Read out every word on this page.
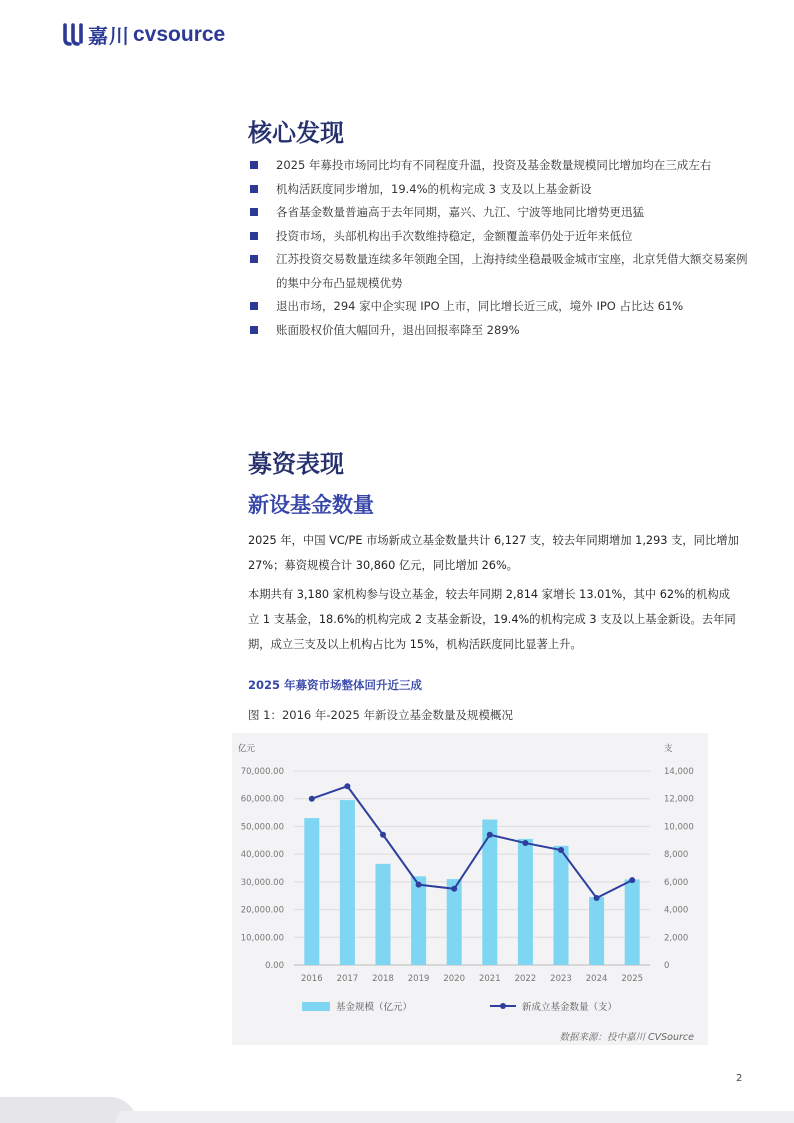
嘉川 cvsource
核心发现
2025 年募投市场同比均有不同程度升温，投资及基金数量规模同比增加均在三成左右
机构活跃度同步增加，19.4%的机构完成 3 支及以上基金新设
各省基金数量普遍高于去年同期，嘉兴、九江、宁波等地同比增势更迅猛
投资市场，头部机构出手次数维持稳定，金额覆盖率仍处于近年来低位
江苏投资交易数量连续多年领跑全国，上海持续坐稳最吸金城市宝座，北京凭借大额交易案例的集中分布凸显规模优势
退出市场，294 家中企实现 IPO 上市，同比增长近三成，境外 IPO 占比达 61%
账面股权价值大幅回升，退出回报率降至 289%
募资表现
新设基金数量

2025 年，中国 VC/PE 市场新成立基金数量共计 6,127 支，较去年同期增加 1,293 支，同比增加 27%；募资规模合计 30,860 亿元，同比增加 26%。

本期共有 3,180 家机构参与设立基金，较去年同期 2,814 家增长 13.01%，其中 62%的机构成立 1 支基金，18.6%的机构完成 2 支基金新设，19.4%的机构完成 3 支及以上基金新设。去年同期，成立三支及以上机构占比为 15%，机构活跃度同比显著上升。

2025 年募资市场整体回升近三成
图 1：2016 年-2025 年新设立基金数量及规模概况
0.00
10,000.00
20,000.00
30,000.00
40,000.00
50,000.00
60,000.00
70,000.00
0
2,000
4,000
6,000
8,000
10,000
12,000
14,000
亿元	支
2016 2017 2018 2019 2020 2021 2022 2023 2024 2025
基金规模（亿元）	新成立基金数量（支）
数据来源：投中嘉川 CVSource
2
